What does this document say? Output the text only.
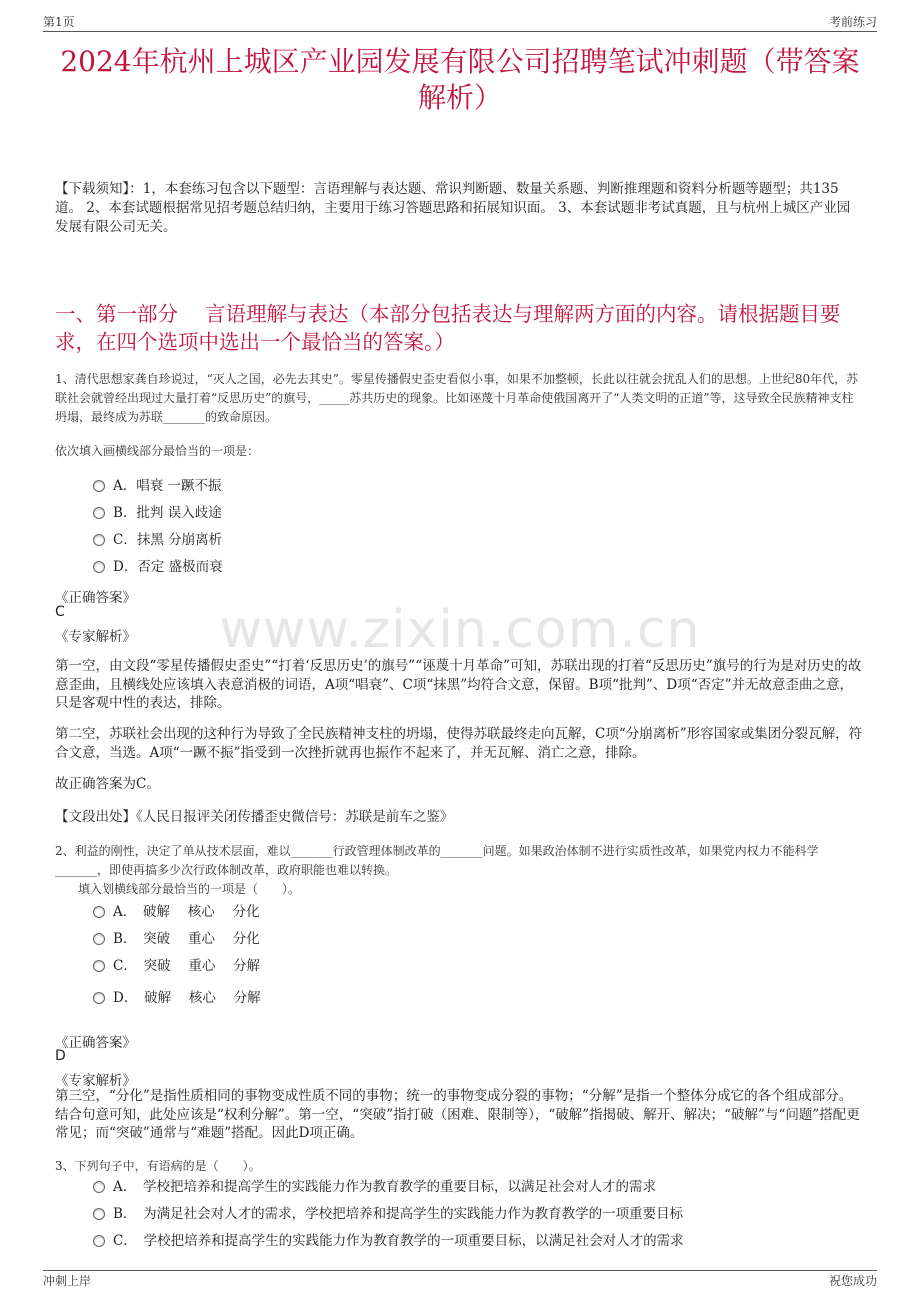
第1页	考前练习
2024年杭州上城区产业园发展有限公司招聘笔试冲刺题（带答案解析）
【下载须知】：1，本套练习包含以下题型：言语理解与表达题、常识判断题、数量关系题、判断推理题和资料分析题等题型；共135道。 2、本套试题根据常见招考题总结归纳，主要用于练习答题思路和拓展知识面。 3、本套试题非考试真题，且与杭州上城区产业园发展有限公司无关。
一、第一部分　 言语理解与表达（本部分包括表达与理解两方面的内容。请根据题目要求，在四个选项中选出一个最恰当的答案。）
www.zixin.com.cn
1、清代思想家龚自珍说过，“灭人之国，必先去其史”。零星传播假史歪史看似小事，如果不加整顿，长此以往就会扰乱人们的思想。上世纪80年代，苏联社会就曾经出现过大量打着“反思历史”的旗号，_____苏共历史的现象。比如诬蔑十月革命使俄国离开了“人类文明的正道”等，这导致全民族精神支柱坍塌，最终成为苏联_______的致命原因。
依次填入画横线部分最恰当的一项是：
A．唱衰 一蹶不振
B．批判 误入歧途
C．抹黑 分崩离析
D．否定 盛极而衰
《正确答案》
C
《专家解析》
第一空，由文段“零星传播假史歪史”“打着‘反思历史’的旗号”“诬蔑十月革命”可知，苏联出现的打着“反思历史”旗号的行为是对历史的故意歪曲，且横线处应该填入表意消极的词语，A项“唱衰”、C项“抹黑”均符合文意，保留。B项“批判”、D项“否定”并无故意歪曲之意，只是客观中性的表达，排除。
第二空，苏联社会出现的这种行为导致了全民族精神支柱的坍塌，使得苏联最终走向瓦解，C项“分崩离析”形容国家或集团分裂瓦解，符合文意，当选。A项“一蹶不振”指受到一次挫折就再也振作不起来了，并无瓦解、消亡之意，排除。
故正确答案为C。
【文段出处】《人民日报评关闭传播歪史微信号：苏联是前车之鉴》
2、利益的刚性，决定了单从技术层面，难以_______行政管理体制改革的_______问题。如果政治体制不进行实质性改革，如果党内权力不能科学_______，即使再搞多少次行政体制改革，政府职能也难以转换。
填入划横线部分最恰当的一项是（　　）。
A．　破解　 核心　 分化
B．　突破　 重心　 分化
C．　突破　 重心　 分解
D．　破解　 核心　 分解
《正确答案》
D
《专家解析》
第三空，“分化”是指性质相同的事物变成性质不同的事物；统一的事物变成分裂的事物；“分解”是指一个整体分成它的各个组成部分。结合句意可知，此处应该是“权利分解”。第一空，“突破”指打破（困难、限制等），“破解”指揭破、解开、解决；“破解”与“问题”搭配更常见；而“突破”通常与“难题”搭配。因此D项正确。
3、下列句子中，有语病的是（　　）。
A．　学校把培养和提高学生的实践能力作为教育教学的重要目标，以满足社会对人才的需求
B．　为满足社会对人才的需求，学校把培养和提高学生的实践能力作为教育教学的一项重要目标
C．　学校把培养和提高学生的实践能力作为教育教学的一项重要目标，以满足社会对人才的需求
冲刺上岸	祝您成功
